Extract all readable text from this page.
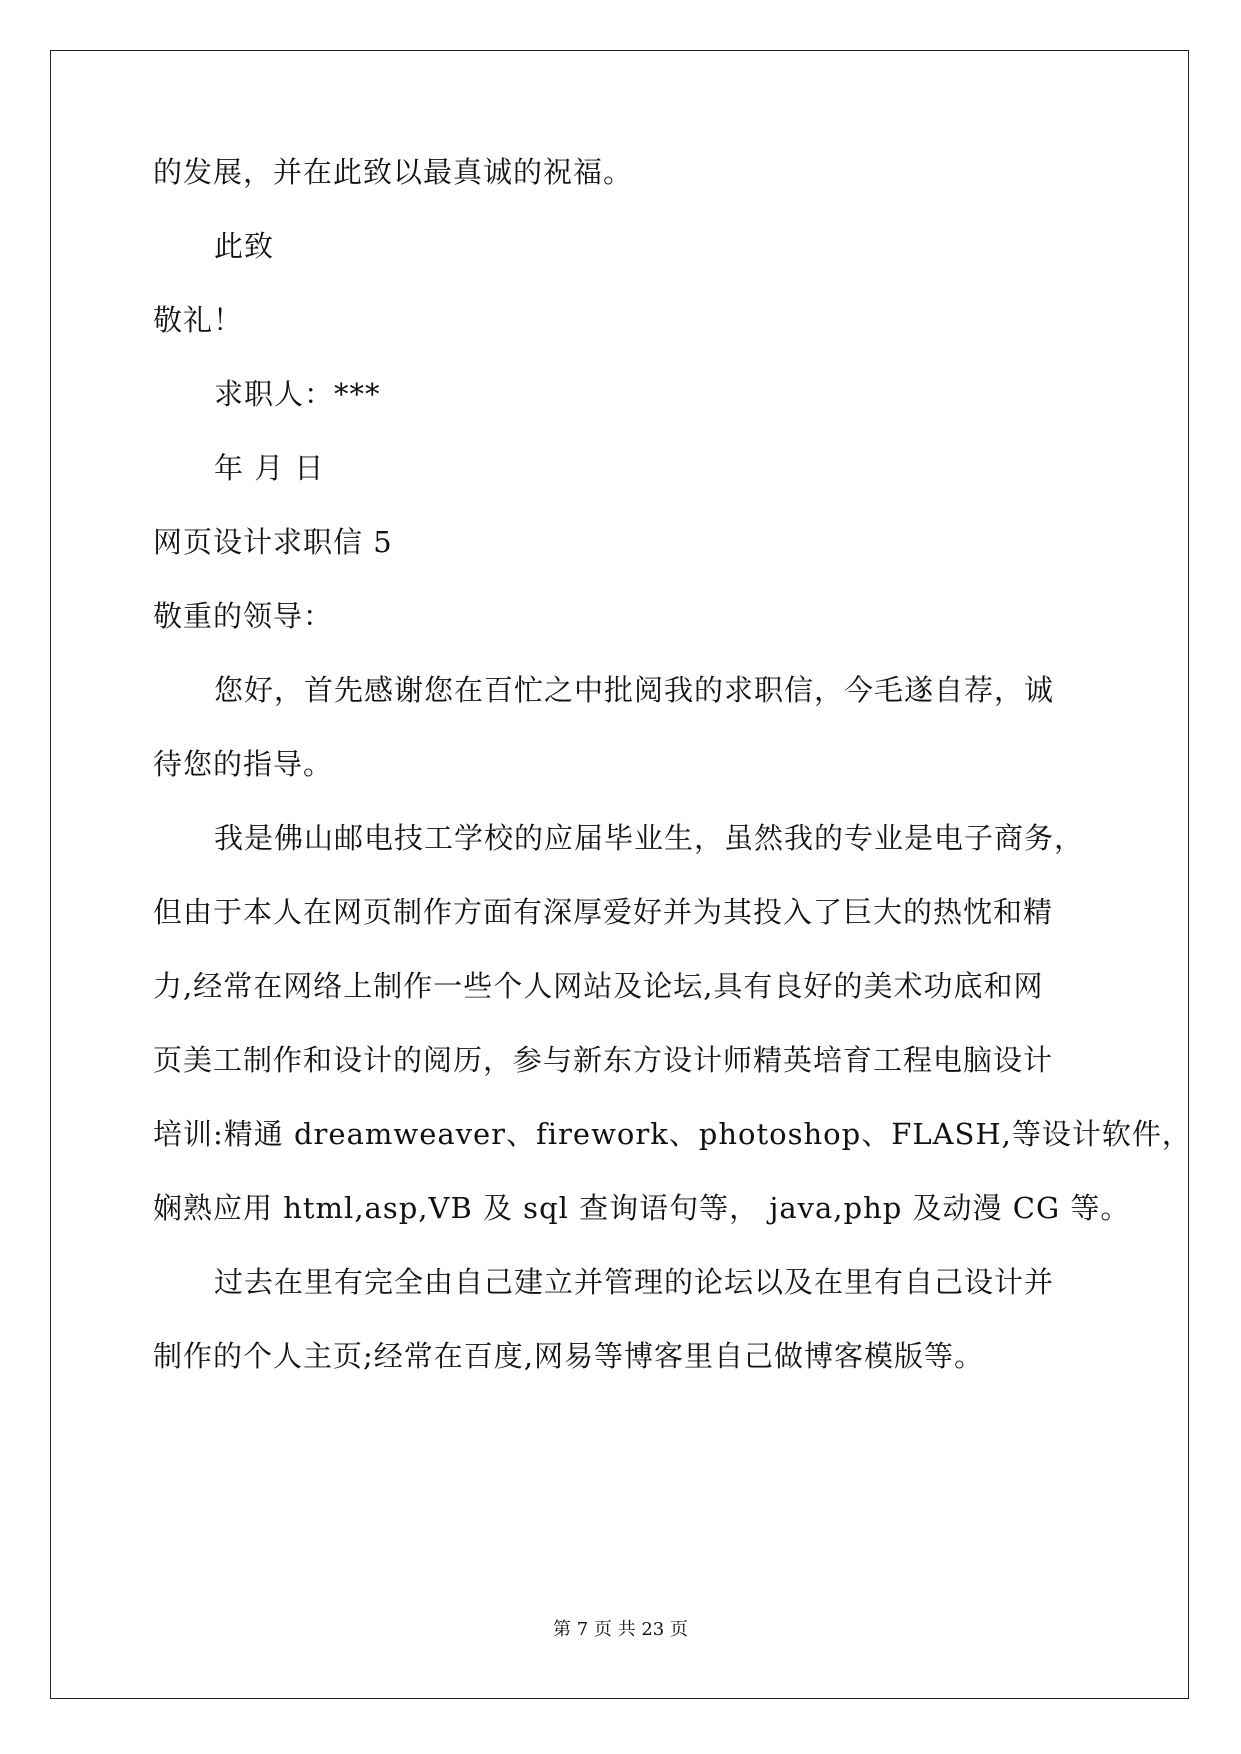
的发展，并在此致以最真诚的祝福。
此致
敬礼！
求职人：***
年 月 日
网页设计求职信 5
敬重的领导：
您好，首先感谢您在百忙之中批阅我的求职信，今毛遂自荐，诚
待您的指导。
我是佛山邮电技工学校的应届毕业生，虽然我的专业是电子商务，
但由于本人在网页制作方面有深厚爱好并为其投入了巨大的热忱和精
力,经常在网络上制作一些个人网站及论坛,具有良好的美术功底和网
页美工制作和设计的阅历，参与新东方设计师精英培育工程电脑设计
培训:精通 dreamweaver、firework、photoshop、FLASH,等设计软件，
娴熟应用 html,asp,VB 及 sql 查询语句等， java,php 及动漫 CG 等。
过去在里有完全由自己建立并管理的论坛以及在里有自己设计并
制作的个人主页;经常在百度,网易等博客里自己做博客模版等。
第 7 页 共 23 页
